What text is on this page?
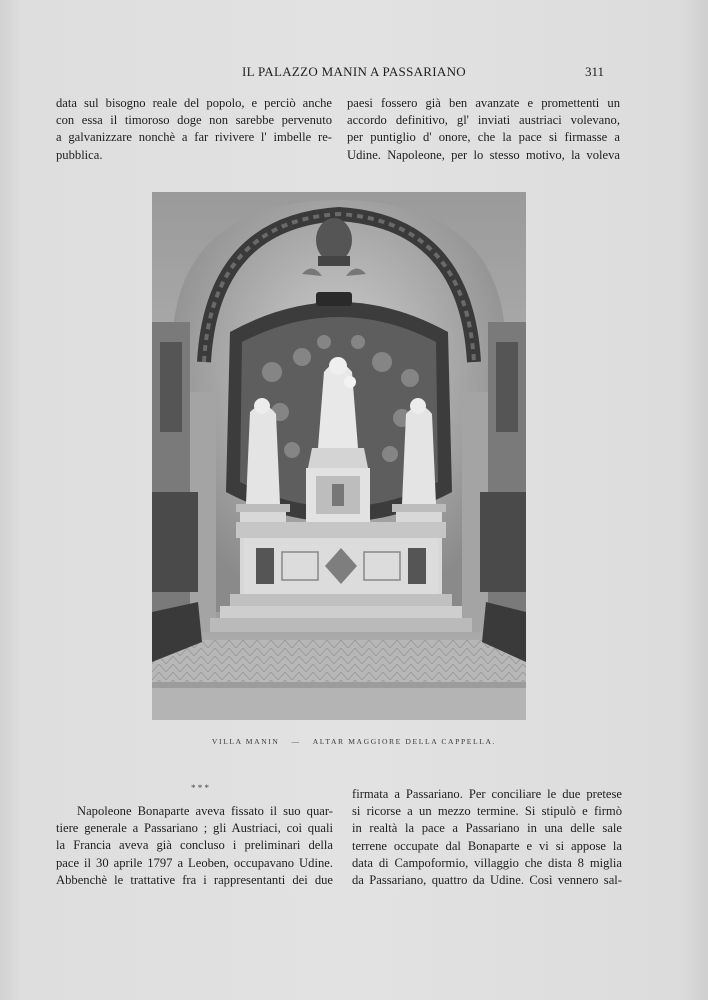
IL PALAZZO MANIN A PASSARIANO	311
data sul bisogno reale del popolo, e perciò anche
con essa il timoroso doge non sarebbe pervenuto
a galvanizzare nonchè a far rivivere l' imbelle re-
pubblica.
paesi fossero già ben avanzate e promettenti un
accordo definitivo, gl' inviati austriaci volevano,
per puntiglio d' onore, che la pace si firmasse a
Udine. Napoleone, per lo stesso motivo, la voleva
VILLA MANIN — ALTAR MAGGIORE DELLA CAPPELLA.
* * *
Napoleone Bonaparte aveva fissato il suo quar-
tiere generale a Passariano ; gli Austriaci, coi quali
la Francia aveva già concluso i preliminari della
pace il 30 aprile 1797 a Leoben, occupavano Udine.
Abbenchè le trattative fra i rappresentanti dei due
firmata a Passariano. Per conciliare le due pretese
si ricorse a un mezzo termine. Si stipulò e firmò
in realtà la pace a Passariano in una delle sale
terrene occupate dal Bonaparte e vi si appose la
data di Campoformio, villaggio che dista 8 miglia
da Passariano, quattro da Udine. Così vennero sal-
